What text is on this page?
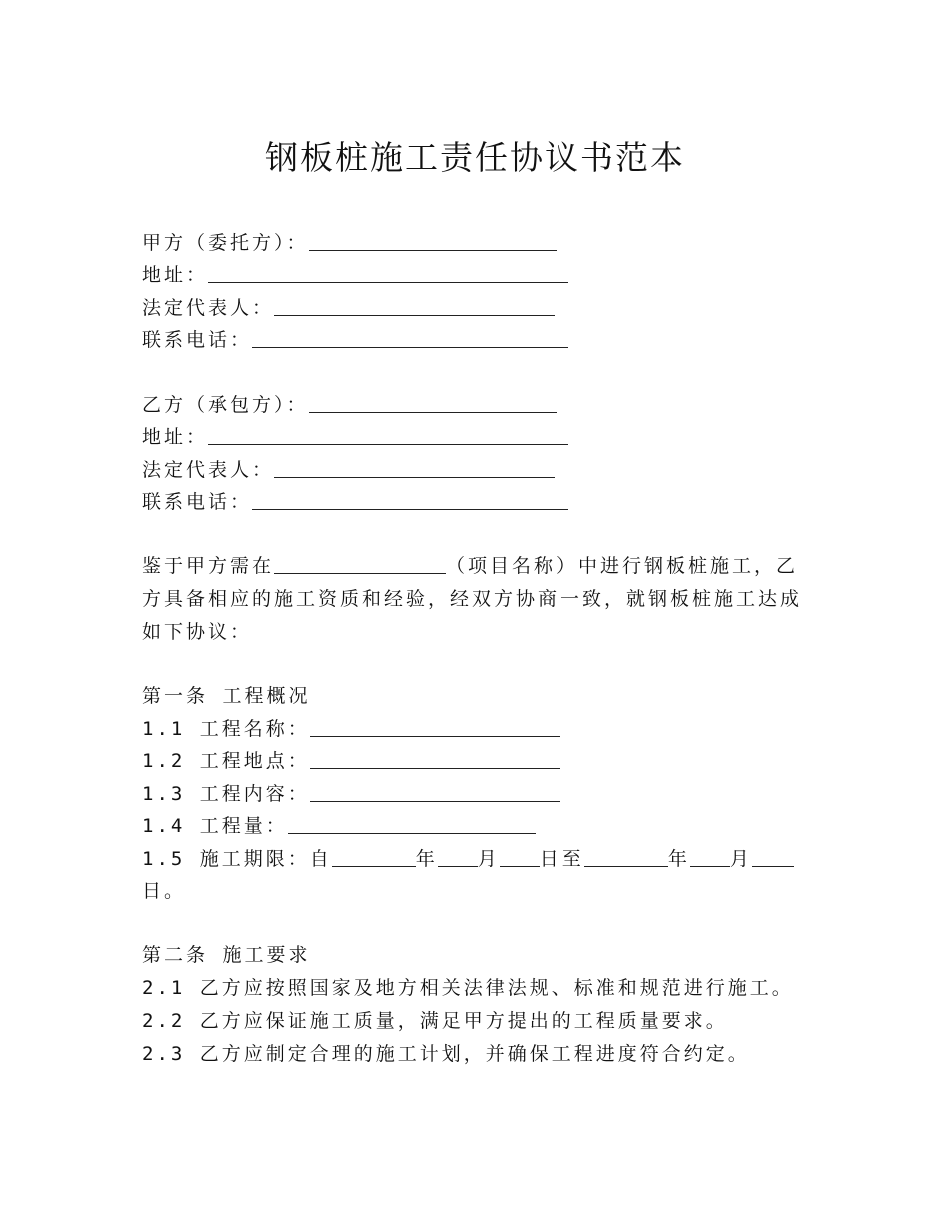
钢板桩施工责任协议书范本
甲方（委托方）：
地址：
法定代表人：
联系电话：
乙方（承包方）：
地址：
法定代表人：
联系电话：
鉴于甲方需在	（项目名称）中进行钢板桩施工，乙
方具备相应的施工资质和经验，经双方协商一致，就钢板桩施工达成
如下协议：
第一条 工程概况
1.1 工程名称：
1.2 工程地点：
1.3 工程内容：
1.4 工程量：
1.5 施工期限：自	年 月 日至	年 月
日。
第二条 施工要求
2.1 乙方应按照国家及地方相关法律法规、标准和规范进行施工。
2.2 乙方应保证施工质量，满足甲方提出的工程质量要求。
2.3 乙方应制定合理的施工计划，并确保工程进度符合约定。
